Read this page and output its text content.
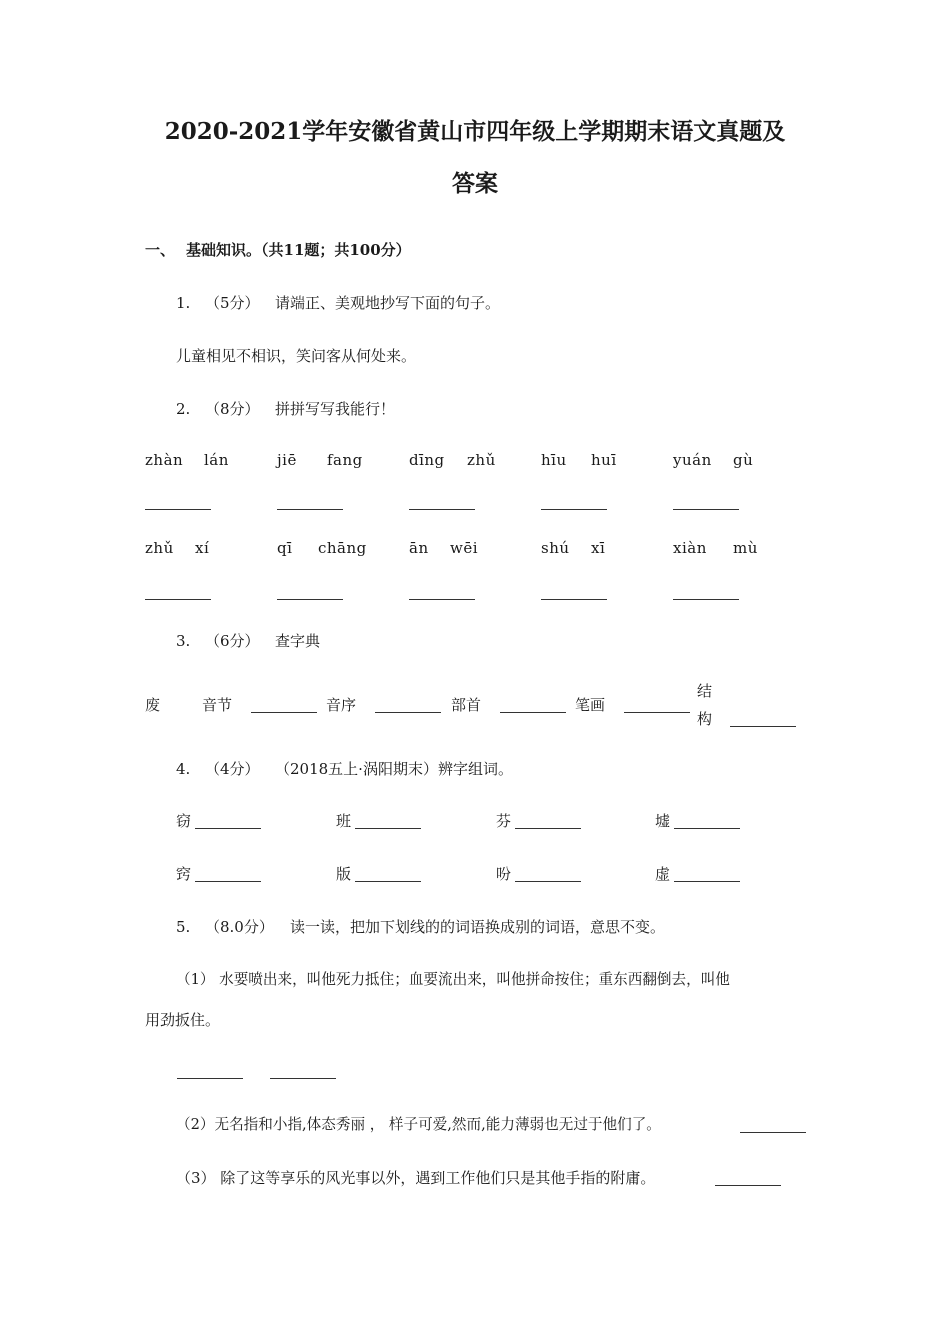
2020-2021学年安徽省黄山市四年级上学期期末语文真题及
答案
一、 基础知识。（共11题；共100分）
1. （5分） 请端正、美观地抄写下面的句子。
儿童相见不相识，笑问客从何处来。
2. （8分） 拼拼写写我能行！
zhàn lán	jiē fang	dīng zhǔ	hīu huī	yuán gù
zhǔ xí	qī chāng	ān wēi	shú xī	xiàn mù
3. （6分） 查字典
废	音节	音序	部首	笔画
结
构
4. （4分） （2018五上·涡阳期末）辨字组词。
窃	班	芬	墟
窍	版	吩	虚
5. （8.0分） 读一读，把加下划线的的词语换成别的词语，意思不变。
（1） 水要喷出来，叫他死力抵住；血要流出来，叫他拼命按住；重东西翻倒去，叫他
用劲扳住。
（2）无名指和小指,体态秀丽 ， 样子可爱,然而,能力薄弱也无过于他们了。
（3） 除了这等享乐的风光事以外，遇到工作他们只是其他手指的附庸。
